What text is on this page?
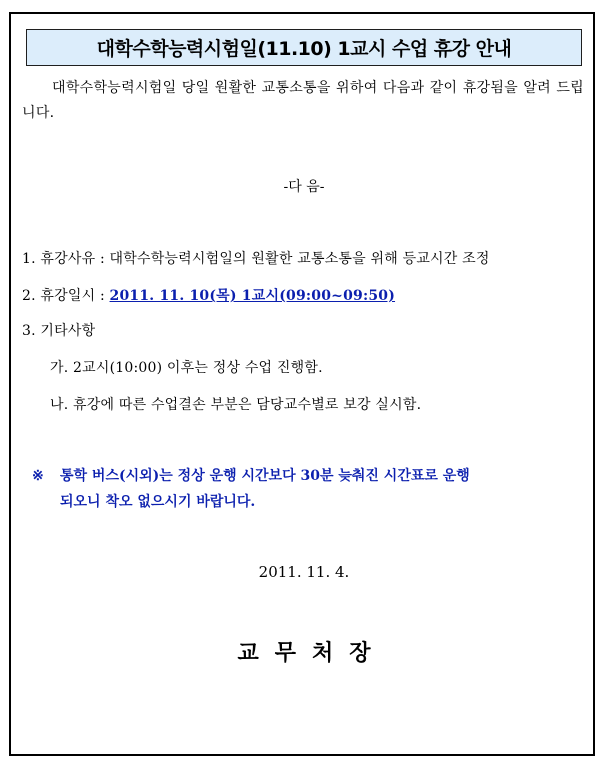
대학수학능력시험일(11.10) 1교시 수업 휴강 안내
대학수학능력시험일 당일 원활한 교통소통을 위하여 다음과 같이 휴강됨을 알려 드립니다.
-다 음-
1. 휴강사유 : 대학수학능력시험일의 원활한 교통소통을 위해 등교시간 조정
2. 휴강일시 : 2011. 11. 10(목) 1교시(09:00~09:50)
3. 기타사항
가. 2교시(10:00) 이후는 정상 수업 진행함.
나. 휴강에 따른 수업결손 부분은 담당교수별로 보강 실시함.
※ 통학 버스(시외)는 정상 운행 시간보다 30분 늦춰진 시간표로 운행
되오니 착오 없으시기 바랍니다.
2011. 11. 4.
교무처장
